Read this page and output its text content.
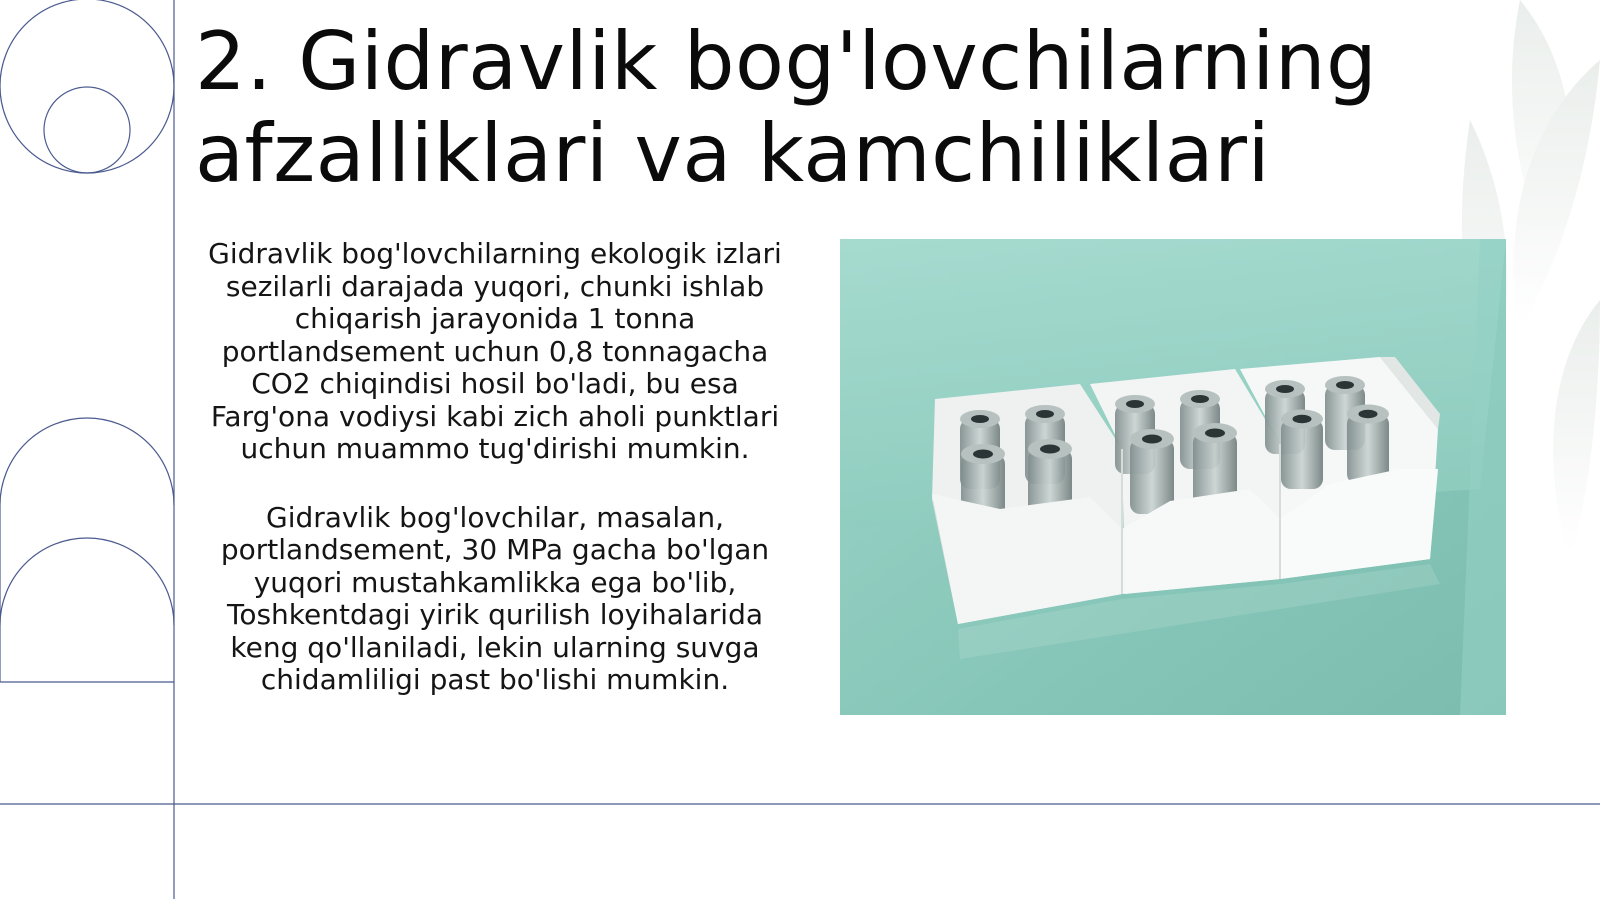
2. Gidravlik bog'lovchilarning afzalliklari va kamchiliklari

Gidravlik bog'lovchilarning ekologik izlari sezilarli darajada yuqori, chunki ishlab chiqarish jarayonida 1 tonna portlandsement uchun 0,8 tonnagacha CO2 chiqindisi hosil bo'ladi, bu esa Farg'ona vodiysi kabi zich aholi punktlari uchun muammo tug'dirishi mumkin.

Gidravlik bog'lovchilar, masalan, portlandsement, 30 MPa gacha bo'lgan yuqori mustahkamlikka ega bo'lib, Toshkentdagi yirik qurilish loyihalarida keng qo'llaniladi, lekin ularning suvga chidamliligi past bo'lishi mumkin.
